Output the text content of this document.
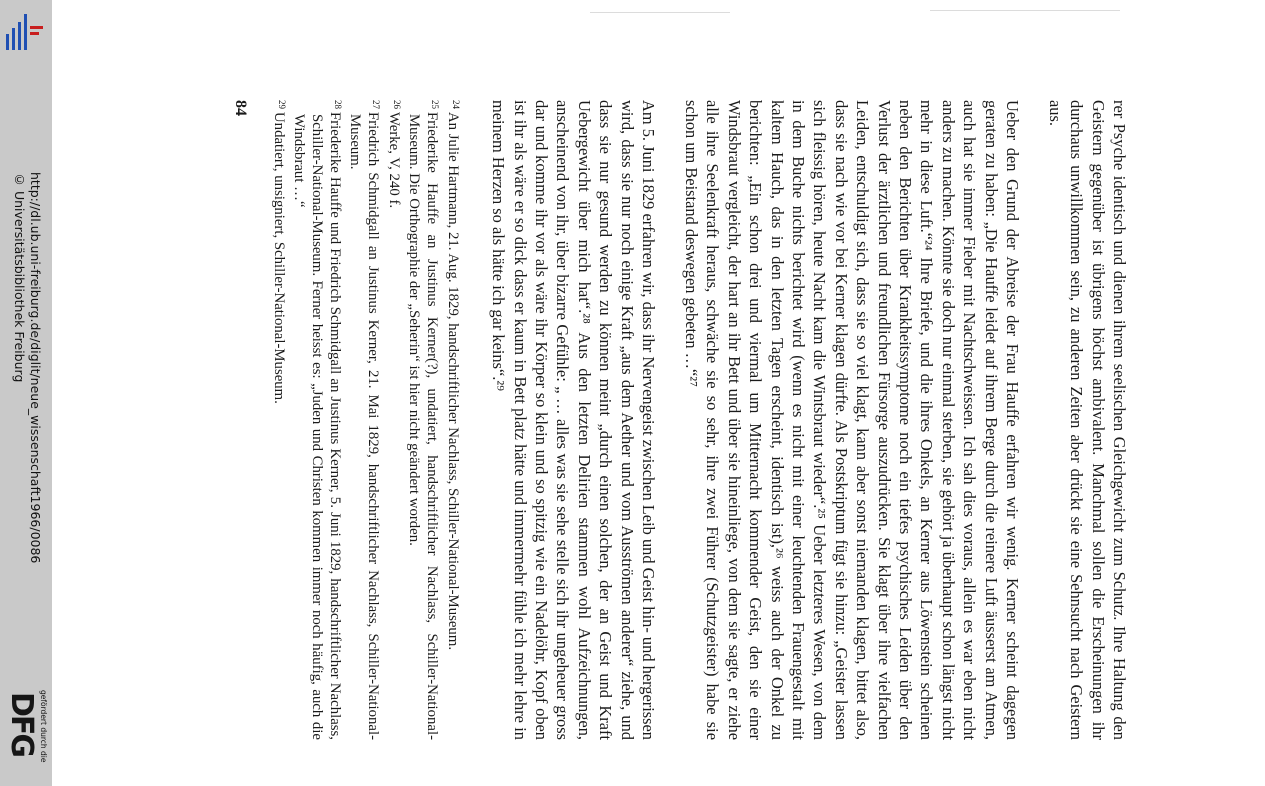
http://dl.ub.uni-freiburg.de/diglit/neue_wissenschaft1966/0086
© Universitätsbibliothek Freiburg
gefördert durch die
DFG	rer Psyche identisch und dienen ihrem seelischen Gleichgewicht zum Schutz. Ihre Haltung den Geistern gegenüber ist übrigens höchst ambivalent. Manchmal sollen die Erscheinungen ihr durchaus unwillkommen sein, zu anderen Zeiten aber drückt sie eine Sehnsucht nach Geistern aus.

Ueber den Grund der Abreise der Frau Hauffe erfahren wir wenig. Kerner scheint dagegen geraten zu haben: „Die Hauffe leidet auf ihrem Berge durch die reinere Luft äusserst am Atmen, auch hat sie immer Fieber mit Nachtschweissen. Ich sah dies voraus, allein es war eben nicht anders zu machen. Könnte sie doch nur einmal sterben, sie gehört ja überhaupt schon längst nicht mehr in diese Luft.“²⁴ Ihre Briefe, und die ihres Onkels, an Kerner aus Löwenstein scheinen neben den Berichten über Krankheitssymptome noch ein tiefes psychisches Leiden über den Verlust der ärztlichen und freundlichen Fürsorge auszudrücken. Sie klagt über ihre vielfachen Leiden, entschuldigt sich, dass sie so viel klagt, kann aber sonst niemanden klagen, bittet also, dass sie nach wie vor bei Kerner klagen dürfte. Als Postskriptum fügt sie hinzu: „Geister lassen sich fleissig hören, heute Nacht kam die Wintsbraut wieder“.²⁵ Ueber letzteres Wesen, von dem in dem Buche nichts berichtet wird (wenn es nicht mit einer leuchtenden Frauengestalt mit kaltem Hauch, das in den letzten Tagen erscheint, identisch ist),²⁶ weiss auch der Onkel zu berichten: „Ein schon drei und viermal um Mitternacht kommender Geist, den sie einer Windsbraut vergleicht, der hart an ihr Bett und über sie hineinliege, von dem sie sagte, er ziehe alle ihre Seelenkraft heraus, schwäche sie so sehr, ihre zwei Führer (Schutzgeister) habe sie schon um Beistand deswegen gebeten …“²⁷

Am 5. Juni 1829 erfahren wir, dass ihr Nervengeist zwischen Leib und Geist hin- und hergerissen wird, dass sie nur noch einige Kraft „aus dem Aether und vom Ausströmen anderer“ ziehe, und dass sie nur gesund werden zu können meint „durch einen solchen, der an Geist und Kraft Uebergewicht über mich hat“.²⁸ Aus den letzten Delirien stammen wohl Aufzeichnungen, anscheinend von ihr, über bizarre Gefühle: „ … alles was sie sehe stelle sich ihr ungeheuer gross dar und komme ihr vor als wäre ihr Körper so klein und so spitzig wie ein Nadelöhr, Kopf oben ist ihr als wäre er so dick dass er kaum in Bett platz hätte und immermehr fühle ich mehr lehre in meinem Herzen so als hätte ich gar keins“.²⁹

$^{24}$An Julie Hartmann, 21. Aug. 1829, handschriftlicher Nachlass, Schiller-National-Museum.

$^{25}$Friederike Hauffe an Justinus Kerner(?), undatiert, handschriftlicher Nachlass, Schiller-National-Museum. Die Orthographie der „Seherin“ ist hier nicht geändert worden.

$^{26}$Werke, V, 240 f.

$^{27}$Friedrich Schmidgall an Justinus Kerner, 21. Mai 1829, handschriftlicher Nachlass, Schiller-National-Museum.

$^{28}$Friederike Hauffe und Friedrich Schmidgall an Justinus Kerner, 5. Juni 1829, handschriftlicher Nachlass, Schiller-National-Museum. Ferner heisst es: „Juden und Christen kommen immer noch häufig, auch die Windsbraut …“

$^{29}$Undatiert, unsigniert, Schiller-National-Museum.

84
